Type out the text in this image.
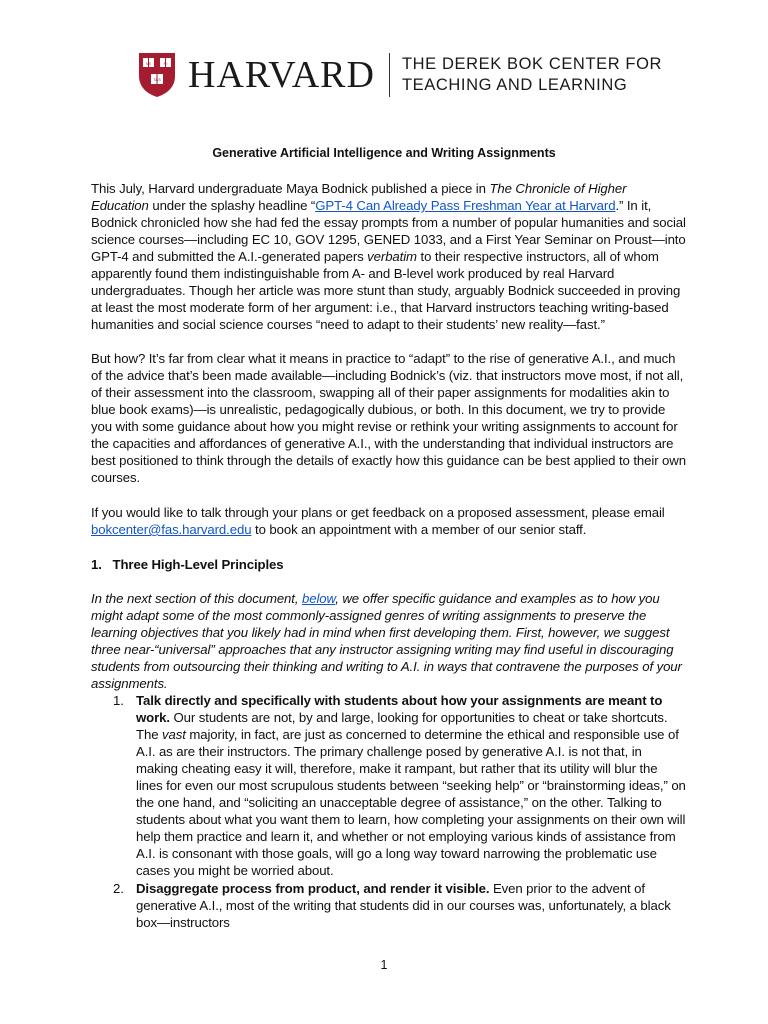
VE	RI
TAS HARVARD THE DEREK BOK CENTER FOR
TEACHING AND LEARNING
Generative Artificial Intelligence and Writing Assignments
This July, Harvard undergraduate Maya Bodnick published a piece in The Chronicle of Higher Education under the splashy headline “GPT-4 Can Already Pass Freshman Year at Harvard.” In it, Bodnick chronicled how she had fed the essay prompts from a number of popular humanities and social science courses—including EC 10, GOV 1295, GENED 1033, and a First Year Seminar on Proust—into GPT-4 and submitted the A.I.-generated papers verbatim to their respective instructors, all of whom apparently found them indistinguishable from A- and B-level work produced by real Harvard undergraduates. Though her article was more stunt than study, arguably Bodnick succeeded in proving at least the most moderate form of her argument: i.e., that Harvard instructors teaching writing-based humanities and social science courses “need to adapt to their students’ new reality—fast.”
But how? It’s far from clear what it means in practice to “adapt” to the rise of generative A.I., and much of the advice that’s been made available—including Bodnick’s (viz. that instructors move most, if not all, of their assessment into the classroom, swapping all of their paper assignments for modalities akin to blue book exams)—is unrealistic, pedagogically dubious, or both. In this document, we try to provide you with some guidance about how you might revise or rethink your writing assignments to account for the capacities and affordances of generative A.I., with the understanding that individual instructors are best positioned to think through the details of exactly how this guidance can be best applied to their own courses.
If you would like to talk through your plans or get feedback on a proposed assessment, please email bokcenter@fas.harvard.edu to book an appointment with a member of our senior staff.
1. Three High-Level Principles
In the next section of this document, below, we offer specific guidance and examples as to how you might adapt some of the most commonly-assigned genres of writing assignments to preserve the learning objectives that you likely had in mind when first developing them. First, however, we suggest three near-“universal” approaches that any instructor assigning writing may find useful in discouraging students from outsourcing their thinking and writing to A.I. in ways that contravene the purposes of your assignments.
1. Talk directly and specifically with students about how your assignments are meant to work. Our students are not, by and large, looking for opportunities to cheat or take shortcuts. The vast majority, in fact, are just as concerned to determine the ethical and responsible use of A.I. as are their instructors. The primary challenge posed by generative A.I. is not that, in making cheating easy it will, therefore, make it rampant, but rather that its utility will blur the lines for even our most scrupulous students between “seeking help” or “brainstorming ideas,” on the one hand, and “soliciting an unacceptable degree of assistance,” on the other. Talking to students about what you want them to learn, how completing your assignments on their own will help them practice and learn it, and whether or not employing various kinds of assistance from A.I. is consonant with those goals, will go a long way toward narrowing the problematic use cases you might be worried about.
2. Disaggregate process from product, and render it visible. Even prior to the advent of generative A.I., most of the writing that students did in our courses was, unfortunately, a black box—instructors
1
